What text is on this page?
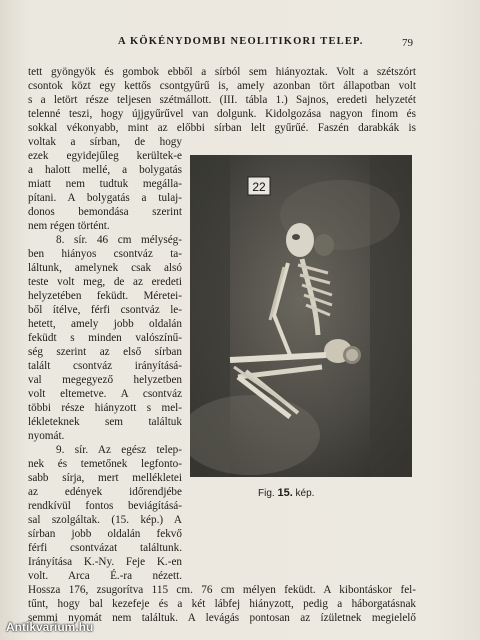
A KÖKÉNYDOMBI NEOLITIKORI TELEP.	79
tett gyöngyök és gombok ebből a sírból sem hiányoztak. Volt a szétszórt
csontok közt egy kettős csontgyűrű is, amely azonban tört állapotban volt
s a letört része teljesen szétmállott. (III. tábla 1.) Sajnos, eredeti helyzetét
telenné teszi, hogy újjgyűrűvel van dolgunk. Kidolgozása nagyon finom és
sokkal vékonyabb, mint az előbbi sírban lelt gyűrűé. Faszén darabkák is
voltak a sírban, de hogy
ezek egyidejűleg kerültek-e
a halott mellé, a bolygatás
miatt nem tudtuk megálla-
pítani. A bolygatás a tulaj-
donos bemondása szerint
nem régen történt.
8. sír. 46 cm mélység-
ben hiányos csontváz ta-
láltunk, amelynek csak alsó
teste volt meg, de az eredeti
helyzetében feküdt. Méretei-
ből ítélve, férfi csontváz le-
hetett, amely jobb oldalán
feküdt s minden valószínű-
ség szerint az első sírban
talált csontváz irányításá-
val megegyező helyzetben
volt eltemetve. A csontváz
többi része hiányzott s mel-
lékleteknek sem találtuk
nyomát.
9. sír. Az egész telep-
nek és temetőnek legfonto-
sabb sírja, mert mellékletei
az edények időrendjébe
rendkívül fontos beviágításá-
sal szolgáltak. (15. kép.) A
sírban jobb oldalán fekvő
férfi csontvázat találtunk.
Irányítása K.-Ny. Feje K.-en
volt. Arca É.-ra nézett.
Hossza 176, zsugorítva 115 cm. 76 cm mélyen feküdt. A kibontáskor fel-
tűnt, hogy bal kezefeje és a két lábfej hiányzott, pedig a háborgatásnak
semmi nyomát nem találtuk. A levágás pontosan az ízületnek megielelő
22
Fig. 15. kép.
Antikvarium.hu
